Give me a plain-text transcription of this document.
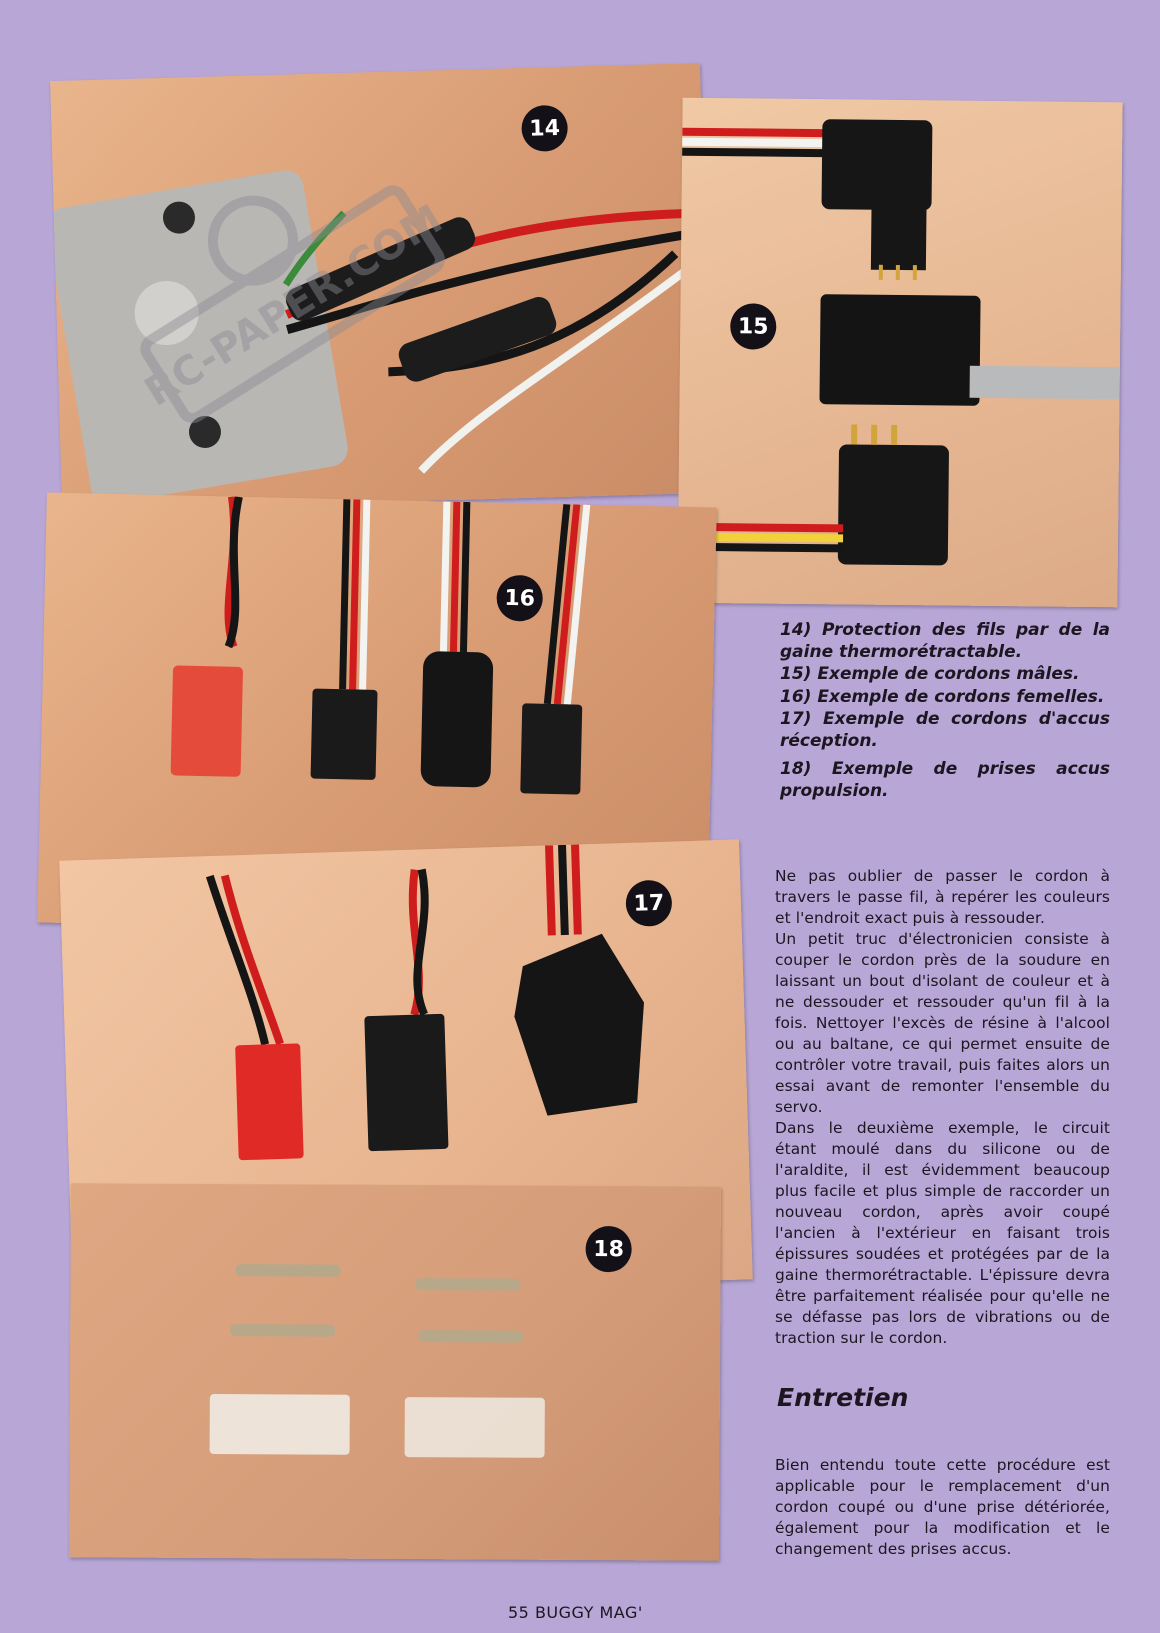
14
15
16
17
18
RC-PAPER.COM

14) Protection des fils par de la gaine thermorétractable.

15) Exemple de cordons mâles.

16) Exemple de cordons femelles.

17) Exemple de cordons d'accus réception.

18) Exemple de prises accus propulsion.

Ne pas oublier de passer le cordon à travers le passe fil, à repérer les couleurs et l'endroit exact puis à ressouder.

Un petit truc d'électronicien consiste à couper le cordon près de la soudure en laissant un bout d'isolant de couleur et à ne dessouder et ressouder qu'un fil à la fois. Nettoyer l'excès de résine à l'alcool ou au baltane, ce qui permet ensuite de contrôler votre travail, puis faites alors un essai avant de remonter l'ensemble du servo.

Dans le deuxième exemple, le circuit étant moulé dans du silicone ou de l'araldite, il est évidemment beaucoup plus facile et plus simple de raccorder un nouveau cordon, après avoir coupé l'ancien à l'extérieur en faisant trois épissures soudées et protégées par de la gaine thermorétractable. L'épissure devra être parfaitement réalisée pour qu'elle ne se défasse pas lors de vibrations ou de traction sur le cordon.

Entretien

Bien entendu toute cette procédure est applicable pour le remplacement d'un cordon coupé ou d'une prise détériorée, également pour la modification et le changement des prises accus.

55 BUGGY MAG'
